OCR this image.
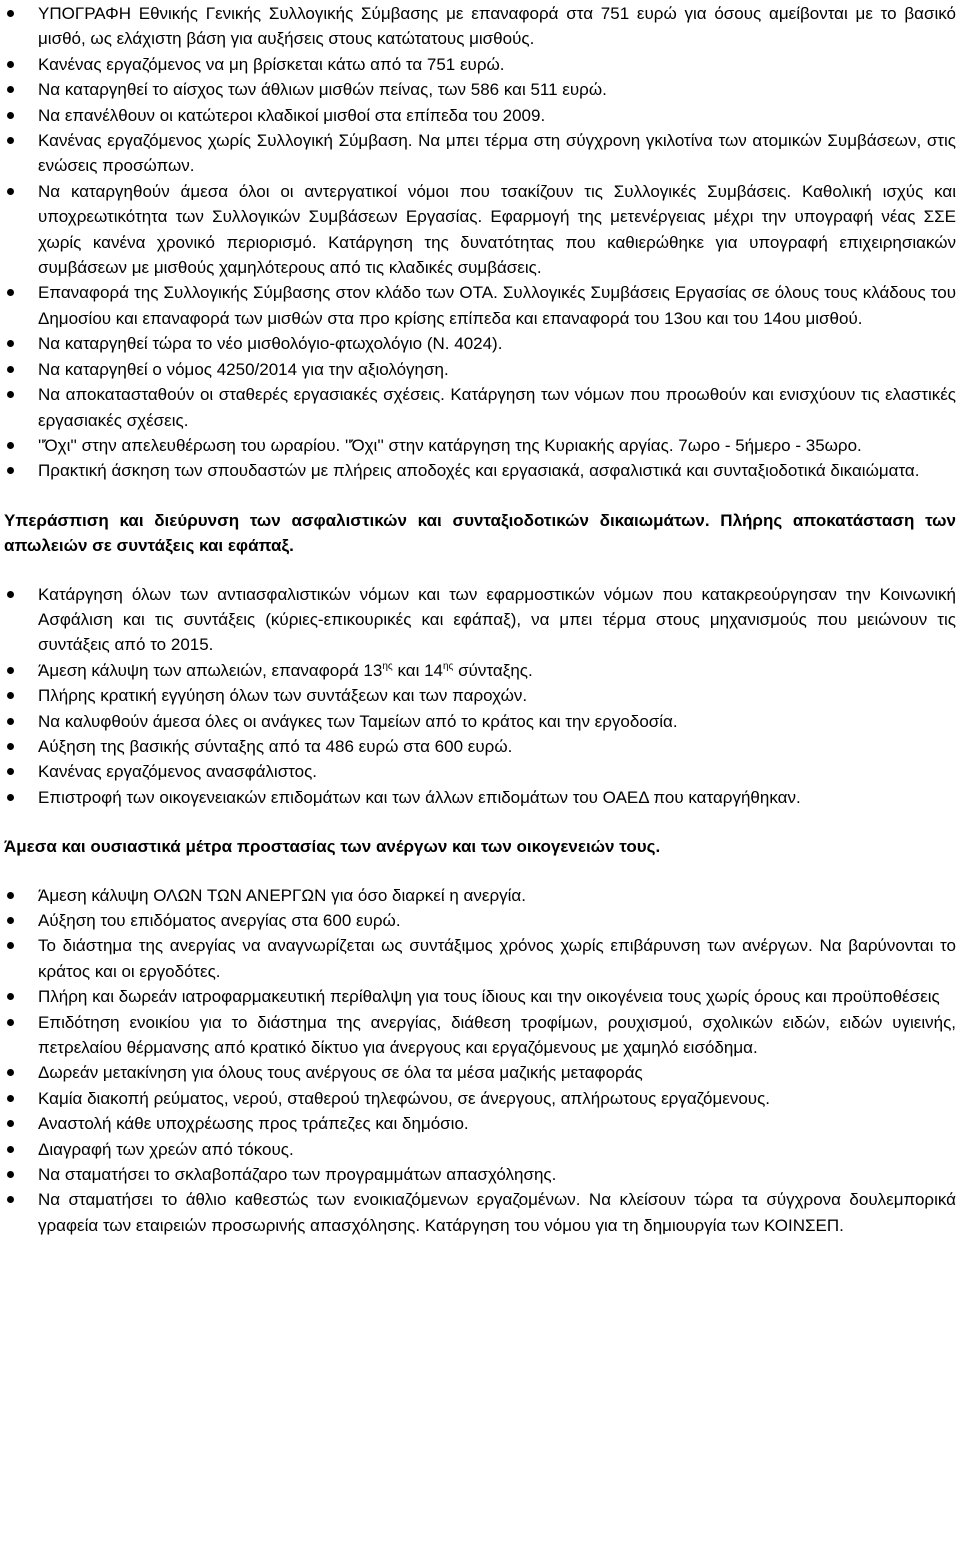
ΥΠΟΓΡΑΦΗ Εθνικής Γενικής Συλλογικής Σύμβασης με επαναφορά στα 751 ευρώ για όσους αμείβονται με το βασικό μισθό, ως ελάχιστη βάση για αυξήσεις στους κατώτατους μισθούς.
Κανένας εργαζόμενος να μη βρίσκεται κάτω από τα 751 ευρώ.
Να καταργηθεί το αίσχος των άθλιων μισθών πείνας, των 586 και 511 ευρώ.
Να επανέλθουν οι κατώτεροι κλαδικοί μισθοί στα επίπεδα του 2009.
Κανένας εργαζόμενος χωρίς Συλλογική Σύμβαση. Να μπει τέρμα στη σύγχρονη γκιλοτίνα των ατομικών Συμβάσεων, στις ενώσεις προσώπων.
Να καταργηθούν άμεσα όλοι οι αντεργατικοί νόμοι που τσακίζουν τις Συλλογικές Συμβάσεις. Καθολική ισχύς και υποχρεωτικότητα των Συλλογικών Συμβάσεων Εργασίας. Εφαρμογή της μετενέργειας μέχρι την υπογραφή νέας ΣΣΕ χωρίς κανένα χρονικό περιορισμό. Κατάργηση της δυνατότητας που καθιερώθηκε για υπογραφή επιχειρησιακών συμβάσεων με μισθούς χαμηλότερους από τις κλαδικές συμβάσεις.
Επαναφορά της Συλλογικής Σύμβασης στον κλάδο των ΟΤΑ. Συλλογικές Συμβάσεις Εργασίας σε όλους τους κλάδους του Δημοσίου και επαναφορά των μισθών στα προ κρίσης επίπεδα και επαναφορά του 13ου και του 14ου μισθού.
Να καταργηθεί τώρα το νέο μισθολόγιο-φτωχολόγιο (Ν. 4024).
Να καταργηθεί ο νόμος 4250/2014 για την αξιολόγηση.
Να αποκατασταθούν οι σταθερές εργασιακές σχέσεις. Κατάργηση των νόμων που προωθούν και ενισχύουν τις ελαστικές εργασιακές σχέσεις.
''Όχι'' στην απελευθέρωση του ωραρίου. ''Όχι'' στην κατάργηση της Κυριακής αργίας. 7ωρο - 5ήμερο - 35ωρο.
Πρακτική άσκηση των σπουδαστών με πλήρεις αποδοχές και εργασιακά, ασφαλιστικά και συνταξιοδοτικά δικαιώματα.

Υπεράσπιση και διεύρυνση των ασφαλιστικών και συνταξιοδοτικών δικαιωμάτων. Πλήρης αποκατάσταση των απωλειών σε συντάξεις και εφάπαξ.

Κατάργηση όλων των αντιασφαλιστικών νόμων και των εφαρμοστικών νόμων που κατακρεούργησαν την Κοινωνική Ασφάλιση και τις συντάξεις (κύριες-επικουρικές και εφάπαξ), να μπει τέρμα στους μηχανισμούς που μειώνουν τις συντάξεις από το 2015.
Άμεση κάλυψη των απωλειών, επαναφορά $13^{\eta\varsigma}$ και $14^{\eta\varsigma}$ σύνταξης.
Πλήρης κρατική εγγύηση όλων των συντάξεων και των παροχών.
Να καλυφθούν άμεσα όλες οι ανάγκες των Ταμείων από το κράτος και την εργοδοσία.
Αύξηση της βασικής σύνταξης από τα 486 ευρώ στα 600 ευρώ.
Κανένας εργαζόμενος ανασφάλιστος.
Επιστροφή των οικογενειακών επιδομάτων και των άλλων επιδομάτων του ΟΑΕΔ που καταργήθηκαν.

Άμεσα και ουσιαστικά μέτρα προστασίας των ανέργων και των οικογενειών τους.

Άμεση κάλυψη ΟΛΩΝ ΤΩΝ ΑΝΕΡΓΩΝ για όσο διαρκεί η ανεργία.
Αύξηση του επιδόματος ανεργίας στα 600 ευρώ.
Το διάστημα της ανεργίας να αναγνωρίζεται ως συντάξιμος χρόνος χωρίς επιβάρυνση των ανέργων. Να βαρύνονται το κράτος και οι εργοδότες.
Πλήρη και δωρεάν ιατροφαρμακευτική περίθαλψη για τους ίδιους και την οικογένεια τους χωρίς όρους και προϋποθέσεις
Επιδότηση ενοικίου για το διάστημα της ανεργίας, διάθεση τροφίμων, ρουχισμού, σχολικών ειδών, ειδών υγιεινής, πετρελαίου θέρμανσης από κρατικό δίκτυο για άνεργους και εργαζόμενους με χαμηλό εισόδημα.
Δωρεάν μετακίνηση για όλους τους ανέργους σε όλα τα μέσα μαζικής μεταφοράς
Καμία διακοπή ρεύματος, νερού, σταθερού τηλεφώνου, σε άνεργους, απλήρωτους εργαζόμενους.
Αναστολή κάθε υποχρέωσης προς τράπεζες και δημόσιο.
Διαγραφή των χρεών από τόκους.
Να σταματήσει το σκλαβοπάζαρο των προγραμμάτων απασχόλησης.
Να σταματήσει το άθλιο καθεστώς των ενοικιαζόμενων εργαζομένων. Να κλείσουν τώρα τα σύγχρονα δουλεμπορικά γραφεία των εταιρειών προσωρινής απασχόλησης. Κατάργηση του νόμου για τη δημιουργία των ΚΟΙΝΣΕΠ.
